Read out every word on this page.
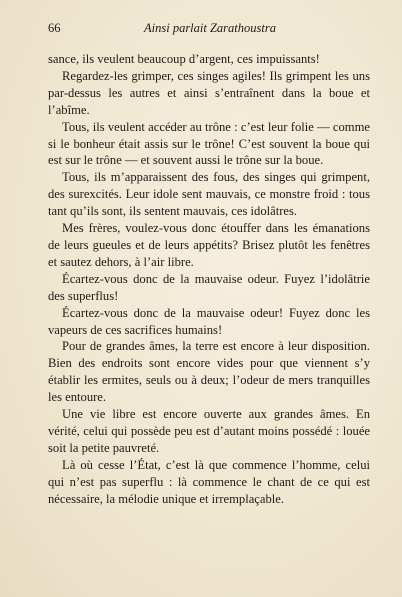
66	Ainsi parlait Zarathoustra

sance, ils veulent beaucoup d’argent, ces impuissants!

Regardez-les grimper, ces singes agiles! Ils grimpent les uns par-dessus les autres et ainsi s’entraînent dans la boue et l’abîme.

Tous, ils veulent accéder au trône : c’est leur folie — comme si le bonheur était assis sur le trône! C’est souvent la boue qui est sur le trône — et souvent aussi le trône sur la boue.

Tous, ils m’apparaissent des fous, des singes qui grimpent, des surexcités. Leur idole sent mauvais, ce monstre froid : tous tant qu’ils sont, ils sentent mauvais, ces idolâtres.

Mes frères, voulez-vous donc étouffer dans les émanations de leurs gueules et de leurs appétits? Brisez plutôt les fenêtres et sautez dehors, à l’air libre.

Écartez-vous donc de la mauvaise odeur. Fuyez l’idolâtrie des superflus!

Écartez-vous donc de la mauvaise odeur! Fuyez donc les vapeurs de ces sacrifices humains!

Pour de grandes âmes, la terre est encore à leur disposition. Bien des endroits sont encore vides pour que viennent s’y établir les ermites, seuls ou à deux; l’odeur de mers tranquilles les entoure.

Une vie libre est encore ouverte aux grandes âmes. En vérité, celui qui possède peu est d’autant moins possédé : louée soit la petite pauvreté.

Là où cesse l’État, c’est là que commence l’homme, celui qui n’est pas superflu : là commence le chant de ce qui est nécessaire, la mélodie unique et irremplaçable.
